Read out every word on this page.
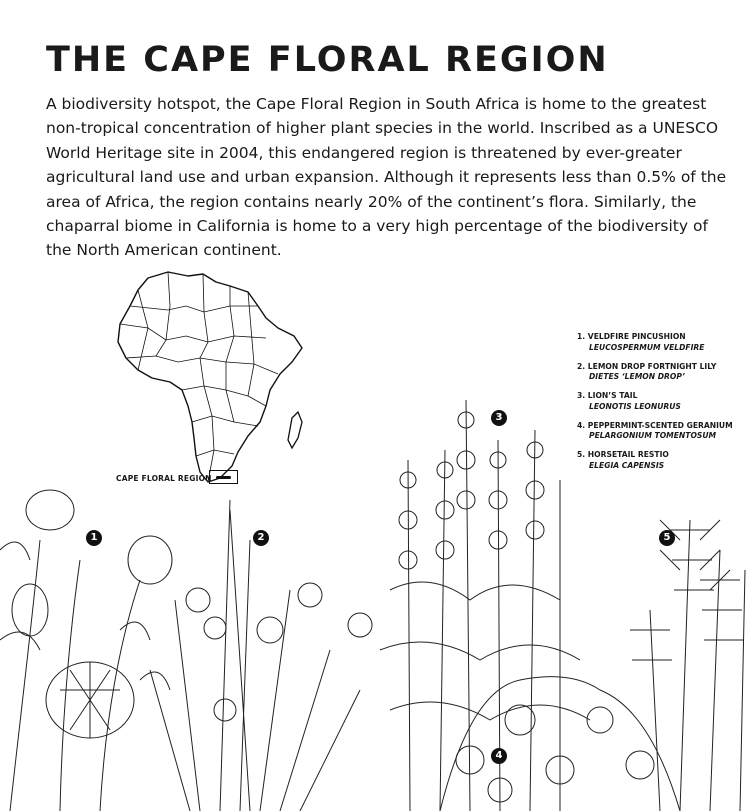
THE CAPE FLORAL REGION

A biodiversity hotspot, the Cape Floral Region in South Africa is home to the greatest
non-tropical concentration of higher plant species in the world. Inscribed as a UNESCO
World Heritage site in 2004, this endangered region is threatened by ever-greater
agricultural land use and urban expansion. Although it represents less than 0.5% of the
area of Africa, the region contains nearly 20% of the continent’s flora. Similarly, the
chaparral biome in California is home to a very high percentage of the biodiversity of
the North American continent.

CAPE FLORAL REGION
1. VELDFIRE PINCUSHION
LEUCOSPERMUM VELDFIRE
2. LEMON DROP FORTNIGHT LILY
DIETES ‘LEMON DROP’
3. LION’S TAIL
LEONOTIS LEONURUS
4. PEPPERMINT-SCENTED GERANIUM
PELARGONIUM TOMENTOSUM
5. HORSETAIL RESTIO
ELEGIA CAPENSIS
1	2
3
4
5
